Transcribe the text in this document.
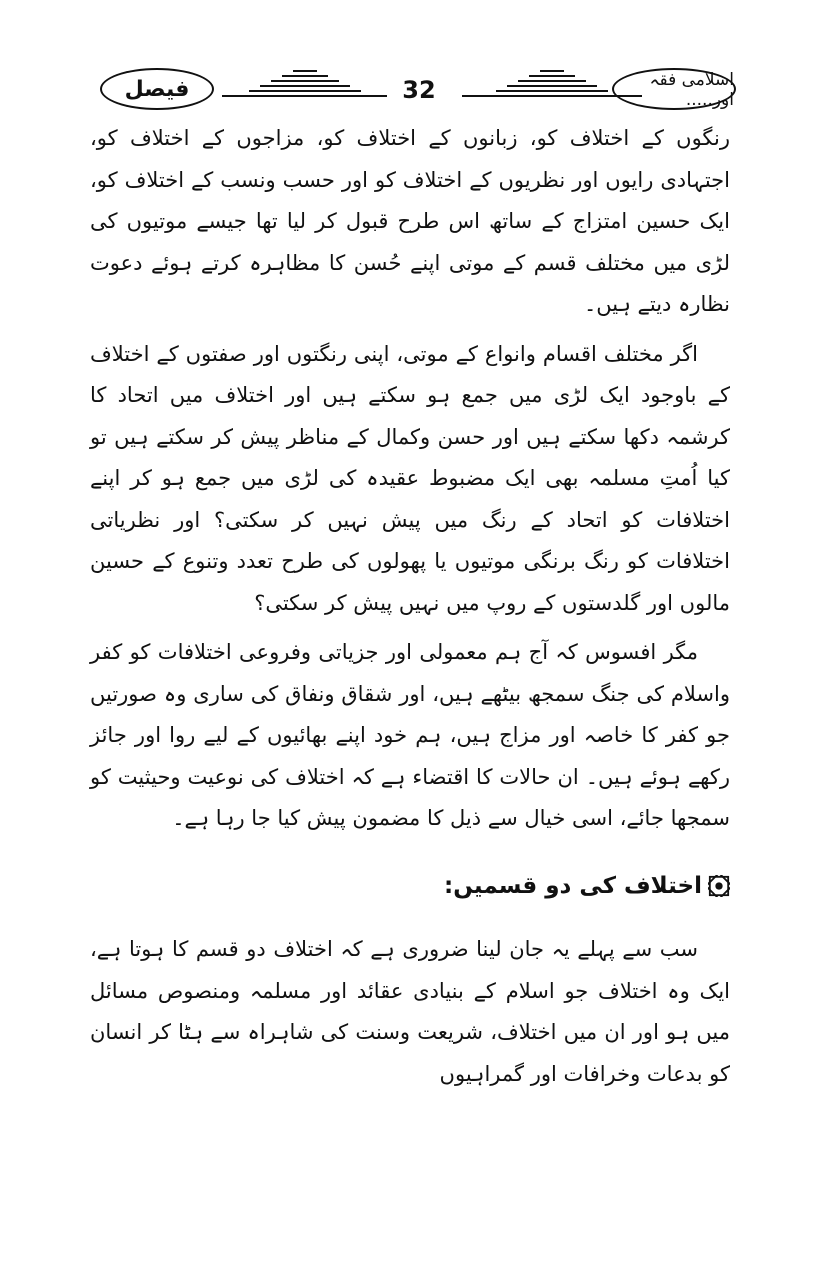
اسلامی فقہ اور.....
32
فیصل

رنگوں کے اختلاف کو، زبانوں کے اختلاف کو، مزاجوں کے اختلاف کو، اجتہادی رایوں اور نظریوں کے اختلاف کو اور حسب ونسب کے اختلاف کو، ایک حسین امتزاج کے ساتھ اس طرح قبول کر لیا تھا جیسے موتیوں کی لڑی میں مختلف قسم کے موتی اپنے حُسن کا مظاہرہ کرتے ہوئے دعوت نظارہ دیتے ہیں۔

اگر مختلف اقسام وانواع کے موتی، اپنی رنگتوں اور صفتوں کے اختلاف کے باوجود ایک لڑی میں جمع ہو سکتے ہیں اور اختلاف میں اتحاد کا کرشمہ دکھا سکتے ہیں اور حسن وکمال کے مناظر پیش کر سکتے ہیں تو کیا اُمتِ مسلمہ بھی ایک مضبوط عقیدہ کی لڑی میں جمع ہو کر اپنے اختلافات کو اتحاد کے رنگ میں پیش نہیں کر سکتی؟ اور نظریاتی اختلافات کو رنگ برنگی موتیوں یا پھولوں کی طرح تعدد وتنوع کے حسین مالوں اور گلدستوں کے روپ میں نہیں پیش کر سکتی؟

مگر افسوس کہ آج ہم معمولی اور جزیاتی وفروعی اختلافات کو کفر واسلام کی جنگ سمجھ بیٹھے ہیں، اور شقاق ونفاق کی ساری وہ صورتیں جو کفر کا خاصہ اور مزاج ہیں، ہم خود اپنے بھائیوں کے لیے روا اور جائز رکھے ہوئے ہیں۔ ان حالات کا اقتضاء ہے کہ اختلاف کی نوعیت وحیثیت کو سمجھا جائے، اسی خیال سے ذیل کا مضمون پیش کیا جا رہا ہے۔

اختلاف کی دو قسمیں:

سب سے پہلے یہ جان لینا ضروری ہے کہ اختلاف دو قسم کا ہوتا ہے، ایک وہ اختلاف جو اسلام کے بنیادی عقائد اور مسلمہ ومنصوص مسائل میں ہو اور ان میں اختلاف، شریعت وسنت کی شاہراہ سے ہٹا کر انسان کو بدعات وخرافات اور گمراہیوں
